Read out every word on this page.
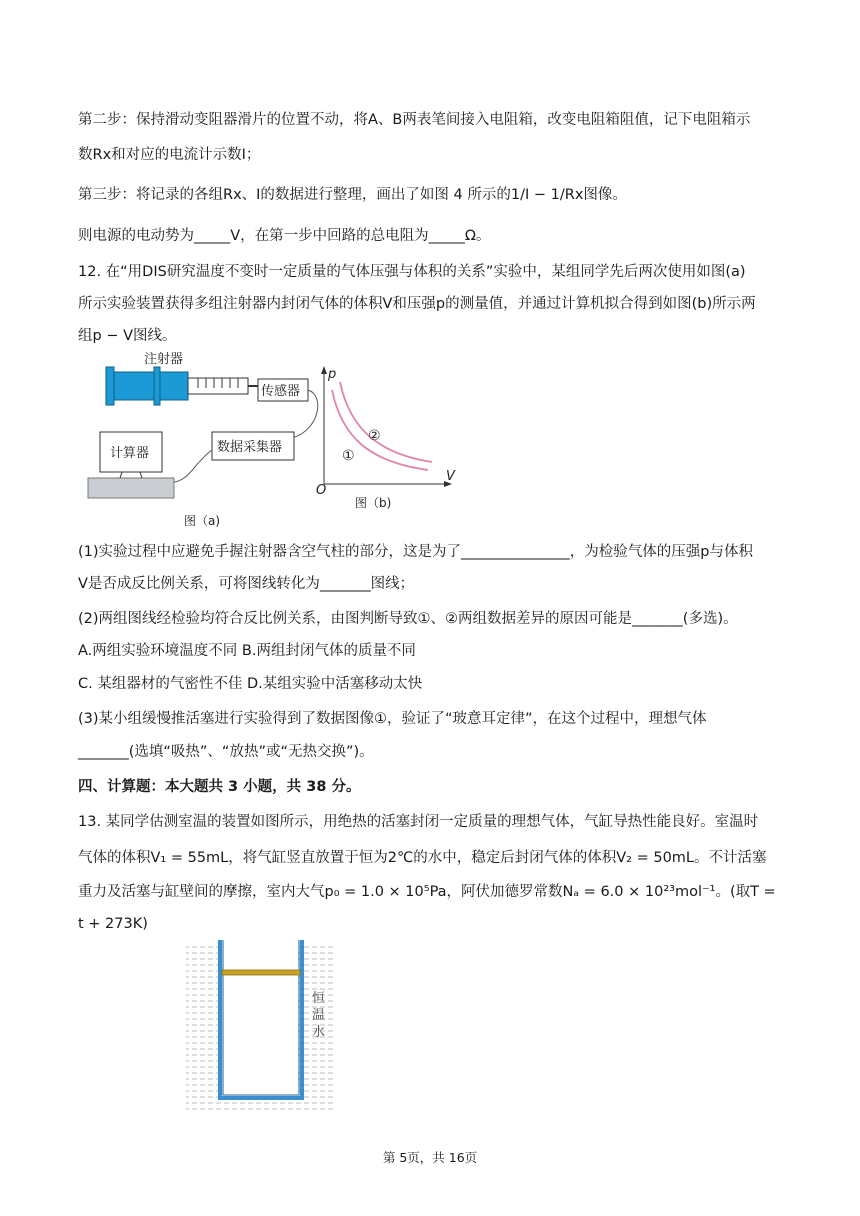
第二步：保持滑动变阻器滑片的位置不动，将A、B两表笔间接入电阻箱，改变电阻箱阻值，记下电阻箱示
数Rx和对应的电流计示数I；
第三步：将记录的各组Rx、I的数据进行整理，画出了如图 4 所示的1/I − 1/Rx图像。
则电源的电动势为_____V，在第一步中回路的总电阻为_____Ω。
12. 在“用DIS研究温度不变时一定质量的气体压强与体积的关系”实验中，某组同学先后两次使用如图(a)
所示实验装置获得多组注射器内封闭气体的体积V和压强p的测量值，并通过计算机拟合得到如图(b)所示两
组p − V图线。
注射器
传感器
数据采集器
计算器
图（a)
p
V
O
①
②
图（b)
(1)实验过程中应避免手握注射器含空气柱的部分，这是为了_______________，为检验气体的压强p与体积
V是否成反比例关系，可将图线转化为_______图线；
(2)两组图线经检验均符合反比例关系，由图判断导致①、②两组数据差异的原因可能是_______(多选)。
A.两组实验环境温度不同 B.两组封闭气体的质量不同
C. 某组器材的气密性不佳 D.某组实验中活塞移动太快
(3)某小组缓慢推活塞进行实验得到了数据图像①，验证了“玻意耳定律”，在这个过程中，理想气体
_______(选填“吸热”、“放热”或“无热交换”)。
四、计算题：本大题共 3 小题，共 38 分。
13. 某同学估测室温的装置如图所示，用绝热的活塞封闭一定质量的理想气体，气缸导热性能良好。室温时
气体的体积V₁ = 55mL，将气缸竖直放置于恒为2℃的水中，稳定后封闭气体的体积V₂ = 50mL。不计活塞
重力及活塞与缸壁间的摩擦，室内大气p₀ = 1.0 × 10⁵Pa，阿伏加德罗常数Nₐ = 6.0 × 10²³mol⁻¹。(取T =
t + 273K)
恒
温
水
第 5页，共 16页
